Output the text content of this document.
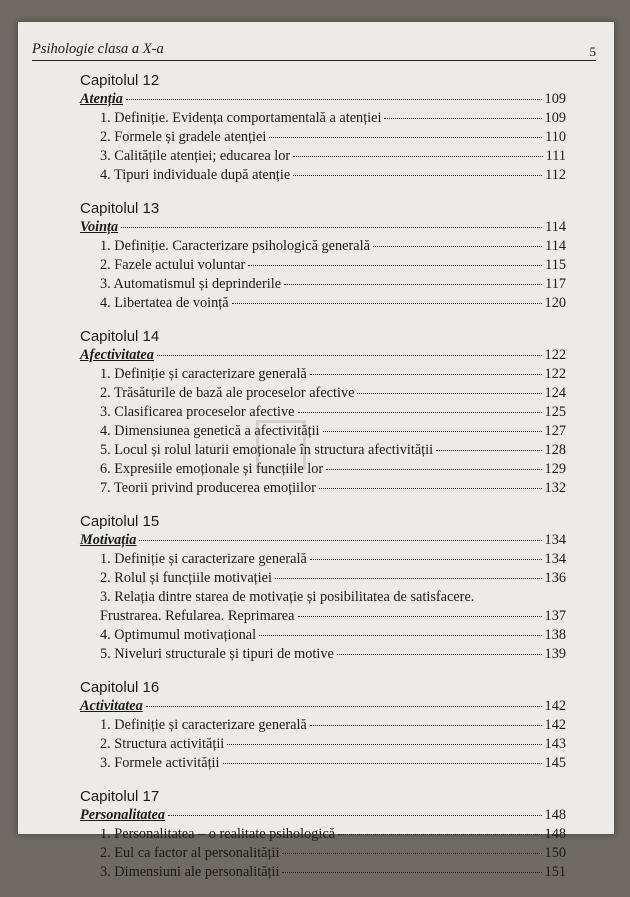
Psihologie clasa a X-a	5
Capitolul 12
Atenția	109
1. Definiție. Evidența comportamentală a atenției	109
2. Formele și gradele atenției	110
3. Calitățile atenției; educarea lor	111
4. Tipuri individuale după atenție	112
Capitolul 13
Voința	114
1. Definiție. Caracterizare psihologică generală	114
2. Fazele actului voluntar	115
3. Automatismul și deprinderile	117
4. Libertatea de voință	120
Capitolul 14
Afectivitatea	122
1. Definiție și caracterizare generală	122
2. Trăsăturile de bază ale proceselor afective	124
3. Clasificarea proceselor afective	125
4. Dimensiunea genetică a afectivității	127
5. Locul și rolul laturii emoționale în structura afectivității	128
6. Expresiile emoționale și funcțiile lor	129
7. Teorii privind producerea emoțiilor	132
Capitolul 15
Motivația	134
1. Definiție și caracterizare generală	134
2. Rolul și funcțiile motivației	136
3. Relația dintre starea de motivație și posibilitatea de satisfacere.
Frustrarea. Refularea. Reprimarea	137
4. Optimumul motivațional	138
5. Niveluri structurale și tipuri de motive	139
Capitolul 16
Activitatea	142
1. Definiție și caracterizare generală	142
2. Structura activității	143
3. Formele activității	145
Capitolul 17
Personalitatea	148
1. Personalitatea – o realitate psihologică	148
2. Eul ca factor al personalității	150
3. Dimensiuni ale personalității	151
